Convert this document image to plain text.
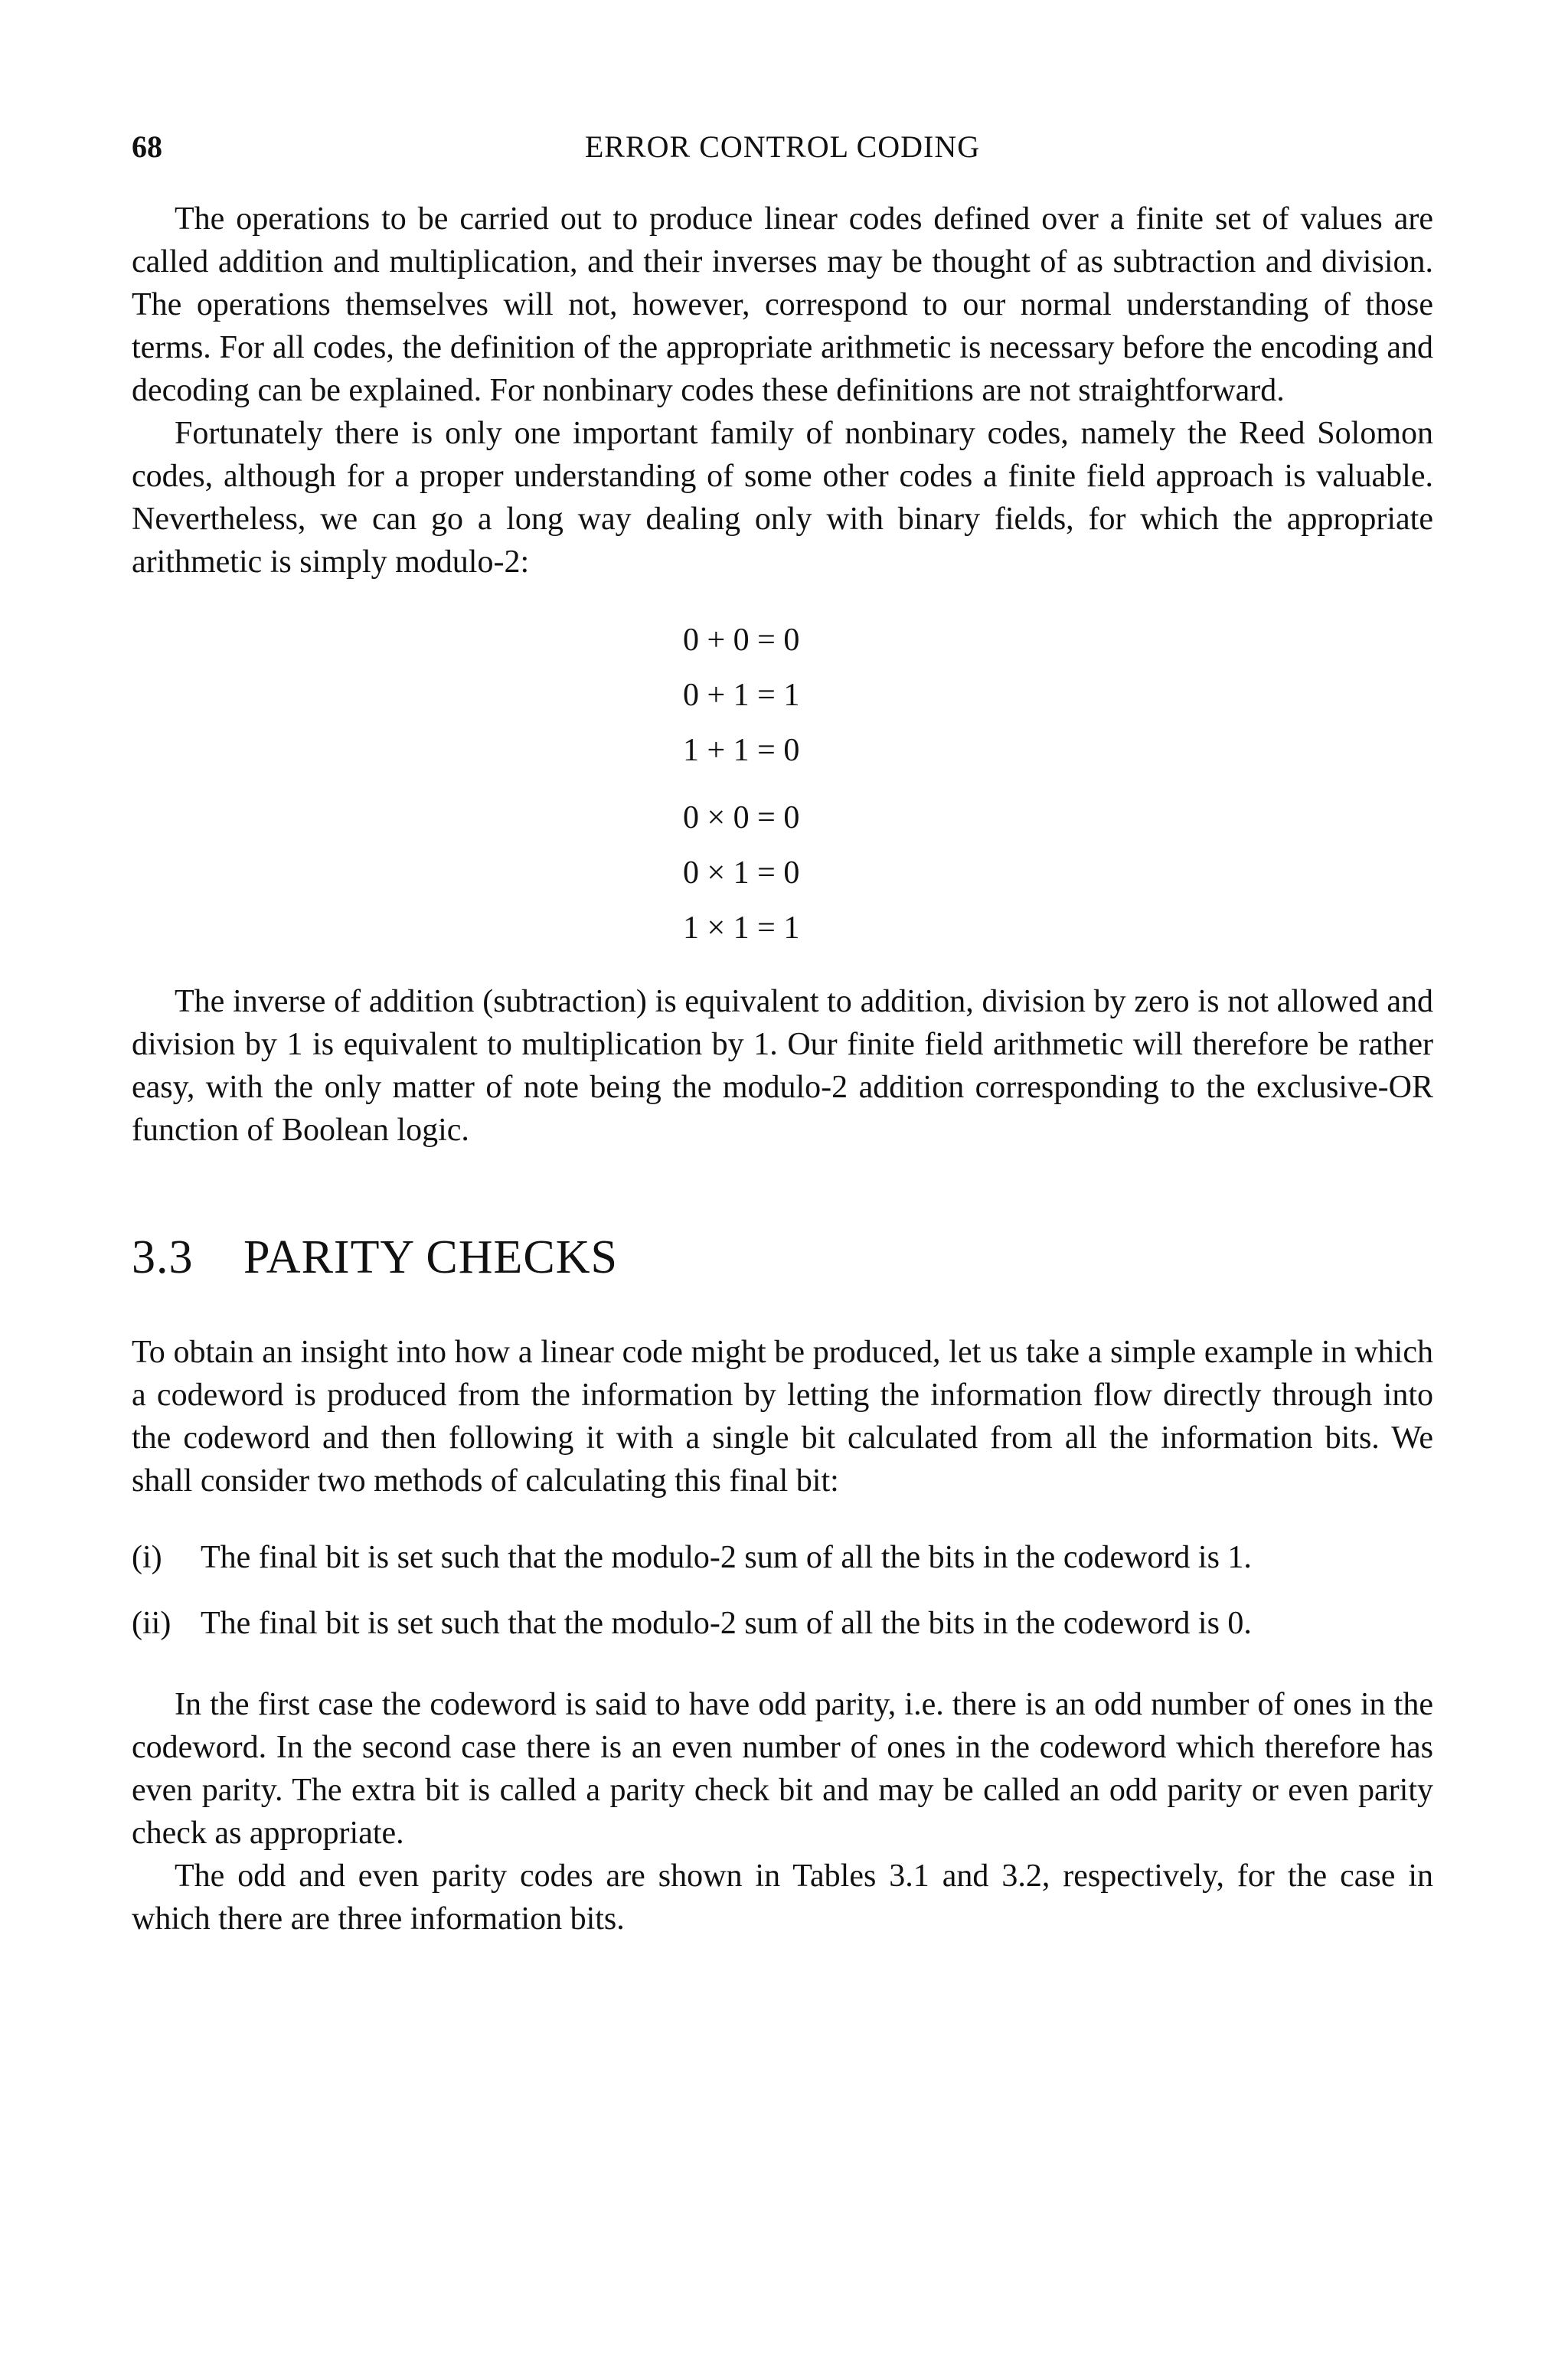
68	ERROR CONTROL CODING

The operations to be carried out to produce linear codes defined over a finite set of values are called addition and multiplication, and their inverses may be thought of as subtraction and division. The operations themselves will not, however, correspond to our normal understanding of those terms. For all codes, the definition of the appropriate arithmetic is necessary before the encoding and decoding can be explained. For nonbinary codes these definitions are not straightforward.

Fortunately there is only one important family of nonbinary codes, namely the Reed Solomon codes, although for a proper understanding of some other codes a finite field approach is valuable. Nevertheless, we can go a long way dealing only with binary fields, for which the appropriate arithmetic is simply modulo-2:

0 + 0 = 0
0 + 1 = 1
1 + 1 = 0
0 × 0 = 0
0 × 1 = 0
1 × 1 = 1

The inverse of addition (subtraction) is equivalent to addition, division by zero is not allowed and division by 1 is equivalent to multiplication by 1. Our finite field arithmetic will therefore be rather easy, with the only matter of note being the modulo-2 addition corresponding to the exclusive-OR function of Boolean logic.

3.3 PARITY CHECKS

To obtain an insight into how a linear code might be produced, let us take a simple example in which a codeword is produced from the information by letting the information flow directly through into the codeword and then following it with a single bit calculated from all the information bits. We shall consider two methods of calculating this final bit:

(i) The final bit is set such that the modulo-2 sum of all the bits in the codeword is 1.
(ii) The final bit is set such that the modulo-2 sum of all the bits in the codeword is 0.

In the first case the codeword is said to have odd parity, i.e. there is an odd number of ones in the codeword. In the second case there is an even number of ones in the codeword which therefore has even parity. The extra bit is called a parity check bit and may be called an odd parity or even parity check as appropriate.

The odd and even parity codes are shown in Tables 3.1 and 3.2, respectively, for the case in which there are three information bits.
